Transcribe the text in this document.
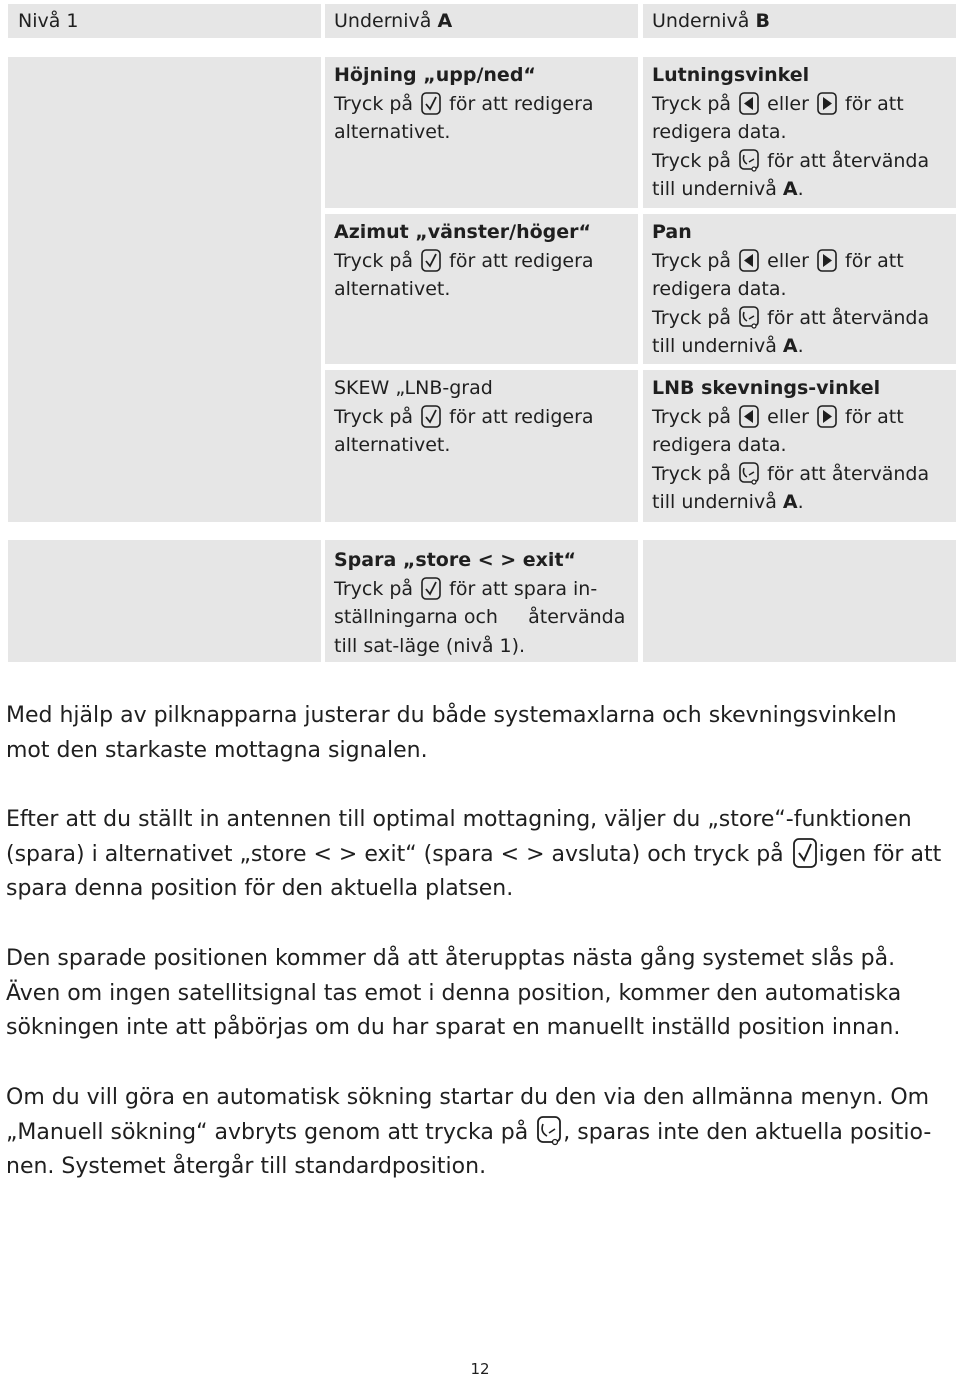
Nivå 1	Undernivå A	Undernivå B
Höjning „upp/ned“
Tryck på för att redigera
alternativet.
Azimut „vänster/höger“
Tryck på för att redigera
alternativet.
SKEW „LNB-grad
Tryck på för att redigera
alternativet.
Lutningsvinkel
Tryck på eller för att
redigera data.
Tryck på för att återvända
till undernivå A.
Pan
Tryck på eller för att
redigera data.
Tryck på för att återvända
till undernivå A.
LNB skevnings-vinkel
Tryck på eller för att
redigera data.
Tryck på för att återvända
till undernivå A.
Spara „store < > exit“
Tryck på för att spara in-
ställningarna och     återvända
till sat-läge (nivå 1).
Med hjälp av pilknapparna justerar du både systemaxlarna och skevningsvinkeln
mot den starkaste mottagna signalen.
Efter att du ställt in antennen till optimal mottagning, väljer du „store“-funktionen
(spara) i alternativet „store < > exit“ (spara < > avsluta) och tryck på igen för att
spara denna position för den aktuella platsen.
Den sparade positionen kommer då att återupptas nästa gång systemet slås på.
Även om ingen satellitsignal tas emot i denna position, kommer den automatiska
sökningen inte att påbörjas om du har sparat en manuellt inställd position innan.
Om du vill göra en automatisk sökning startar du den via den allmänna menyn. Om
„Manuell sökning“ avbryts genom att trycka på , sparas inte den aktuella positio-
nen. Systemet återgår till standardposition.
12
